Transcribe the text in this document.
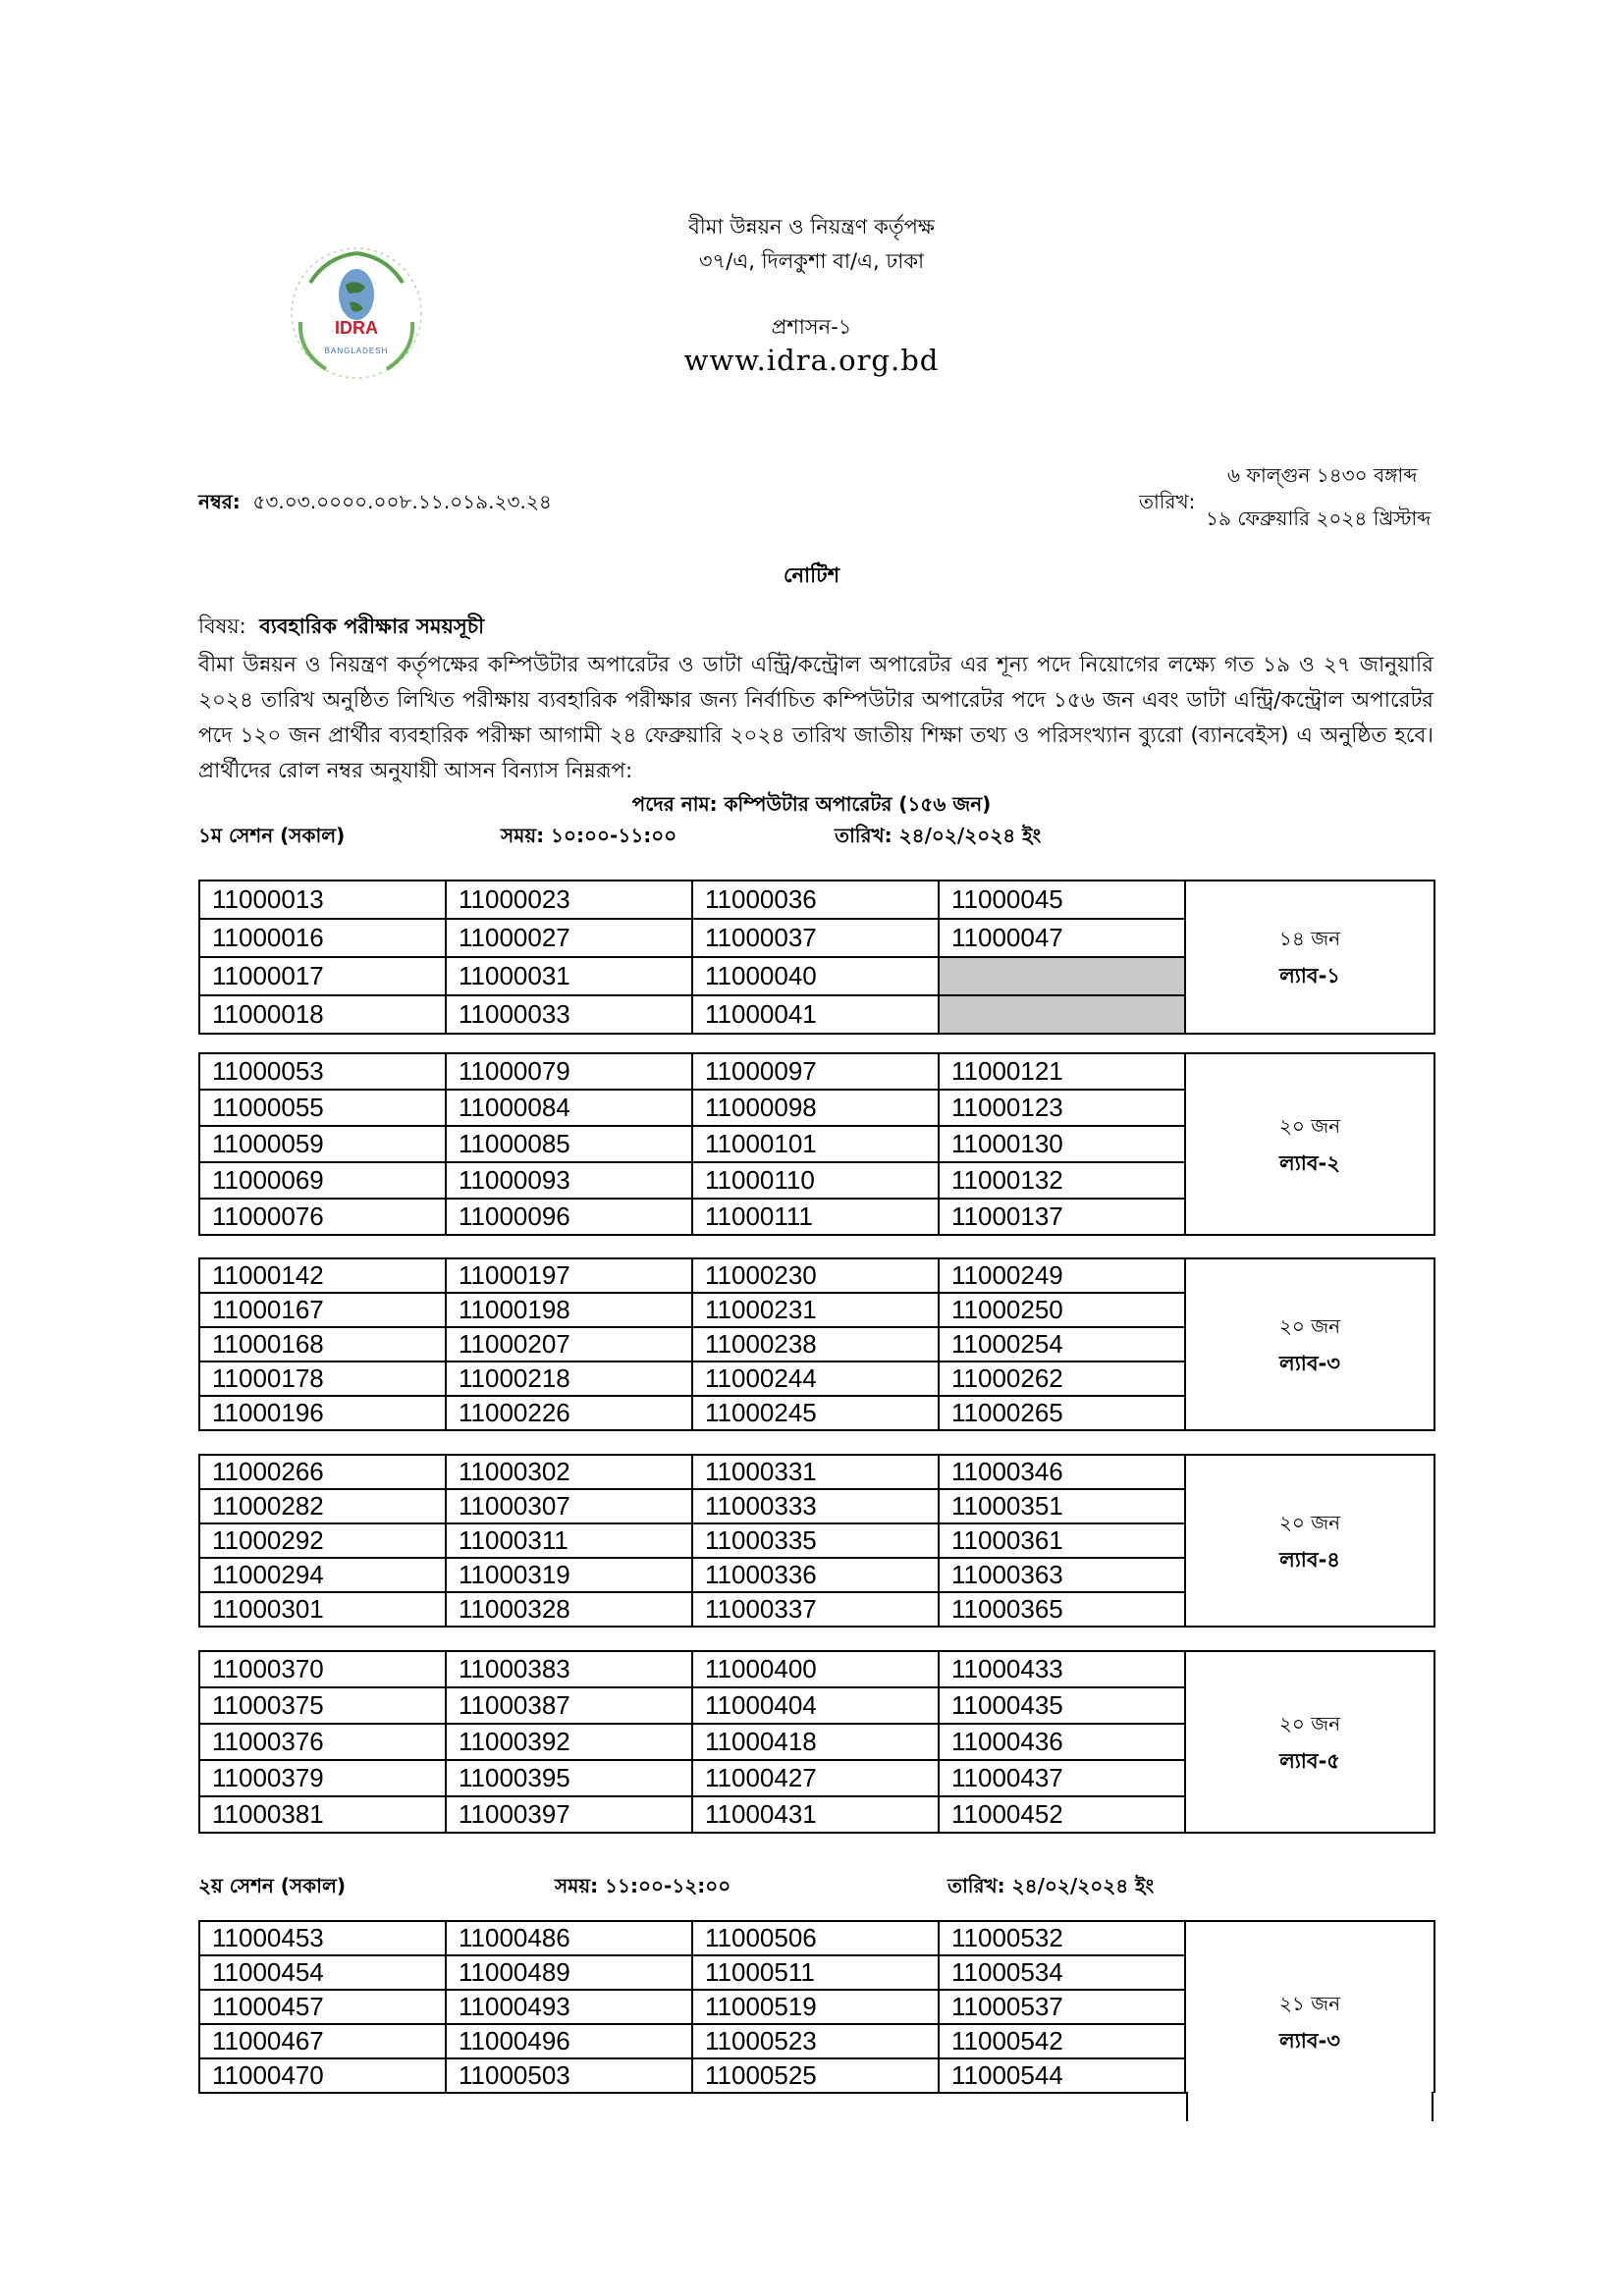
বীমা উন্নয়ন ও নিয়ন্ত্রণ কর্তৃপক্ষ
৩৭/এ, দিলকুশা বা/এ, ঢাকা
প্রশাসন-১
www.idra.org.bd
IDRA
BANGLADESH
নম্বর: ৫৩.০৩.০০০০.০০৮.১১.০১৯.২৩.২৪
৬ ফাল্গুন ১৪৩০ বঙ্গাব্দ
তারিখ:
১৯ ফেব্রুয়ারি ২০২৪ খ্রিস্টাব্দ
নোটিশ
বিষয়: ব্যবহারিক পরীক্ষার সময়সূচী
বীমা উন্নয়ন ও নিয়ন্ত্রণ কর্তৃপক্ষের কম্পিউটার অপারেটর ও ডাটা এন্ট্রি/কন্ট্রোল অপারেটর এর শূন্য পদে নিয়োগের লক্ষ্যে গত ১৯ ও ২৭ জানুয়ারি ২০২৪ তারিখ অনুষ্ঠিত লিখিত পরীক্ষায় ব্যবহারিক পরীক্ষার জন্য নির্বাচিত কম্পিউটার অপারেটর পদে ১৫৬ জন এবং ডাটা এন্ট্রি/কন্ট্রোল অপারেটর পদে ১২০ জন প্রার্থীর ব্যবহারিক পরীক্ষা আগামী ২৪ ফেব্রুয়ারি ২০২৪ তারিখ জাতীয় শিক্ষা তথ্য ও পরিসংখ্যান ব্যুরো (ব্যানবেইস) এ অনুষ্ঠিত হবে। প্রার্থীদের রোল নম্বর অনুযায়ী আসন বিন্যাস নিম্নরূপ:
পদের নাম: কম্পিউটার অপারেটর (১৫৬ জন)
১ম সেশন (সকাল)	সময়: ১০:০০-১১:০০	তারিখ: ২৪/০২/২০২৪ ইং
11000013	11000023	11000036	11000045	১৪ জন
ল্যাব-১

11000016	11000027	11000037	11000047	
11000017	11000031	11000040		
11000018	11000033	11000041		
11000053	11000079	11000097	11000121	২০ জন
ল্যাব-২

11000055	11000084	11000098	11000123	
11000059	11000085	11000101	11000130	
11000069	11000093	11000110	11000132	
11000076	11000096	11000111	11000137	
11000142	11000197	11000230	11000249	২০ জন
ল্যাব-৩

11000167	11000198	11000231	11000250	
11000168	11000207	11000238	11000254	
11000178	11000218	11000244	11000262	
11000196	11000226	11000245	11000265	
11000266	11000302	11000331	11000346	২০ জন
ল্যাব-৪

11000282	11000307	11000333	11000351	
11000292	11000311	11000335	11000361	
11000294	11000319	11000336	11000363	
11000301	11000328	11000337	11000365	
11000370	11000383	11000400	11000433	২০ জন
ল্যাব-৫

11000375	11000387	11000404	11000435	
11000376	11000392	11000418	11000436	
11000379	11000395	11000427	11000437	
11000381	11000397	11000431	11000452	
২য় সেশন (সকাল)	সময়: ১১:০০-১২:০০	তারিখ: ২৪/০২/২০২৪ ইং
11000453	11000486	11000506	11000532	২১ জন
ল্যাব-৩

11000454	11000489	11000511	11000534	
11000457	11000493	11000519	11000537	
11000467	11000496	11000523	11000542	
11000470	11000503	11000525	11000544	
